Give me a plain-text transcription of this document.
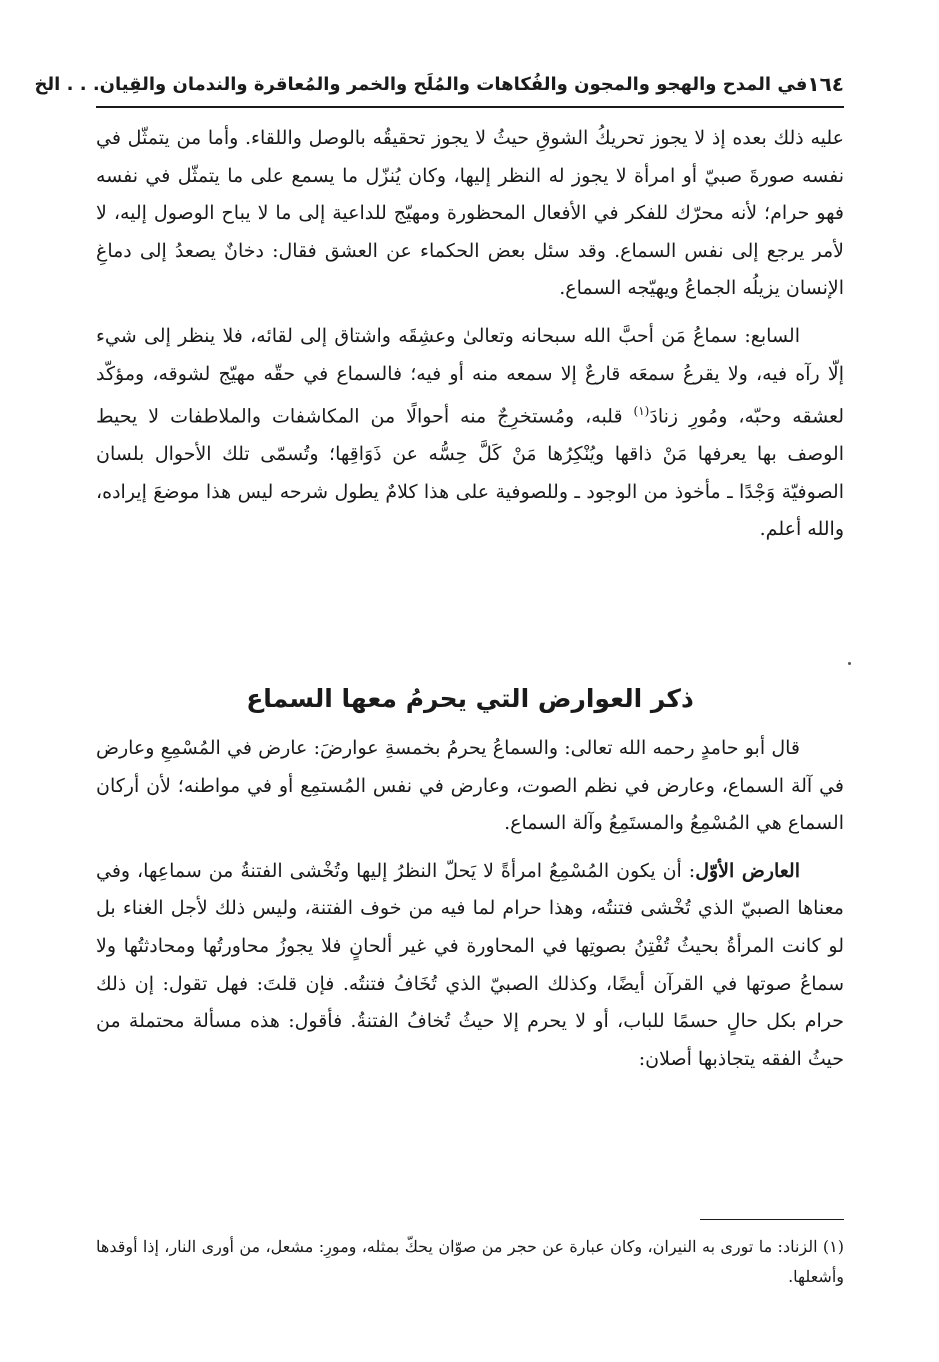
١٦٤
في المدح والهجو والمجون والفُكاهات والمُلَح والخمر والمُعاقرة والندمان والقِيان. . . الخ

عليه ذلك بعده إذ لا يجوز تحريكُ الشوقِ حيثُ لا يجوز تحقيقُه بالوصل واللقاء. وأما من يتمثّل في نفسه صورةَ صبيّ أو امرأة لا يجوز له النظر إليها، وكان يُنزّل ما يسمع على ما يتمثّل في نفسه فهو حرام؛ لأنه محرّك للفكر في الأفعال المحظورة ومهيّج للداعية إلى ما لا يباح الوصول إليه، لا لأمر يرجع إلى نفس السماع. وقد سئل بعض الحكماء عن العشق فقال: دخانٌ يصعدُ إلى دماغِ الإنسان يزيلُه الجماعُ ويهيّجه السماع.

السابع: سماعُ مَن أحبَّ الله سبحانه وتعالىٰ وعشِقَه واشتاق إلى لقائه، فلا ينظر إلى شيء إلّا رآه فيه، ولا يقرعُ سمعَه قارعٌ إلا سمعه منه أو فيه؛ فالسماع في حقّه مهيّج لشوقه، ومؤكّد لعشقه وحبّه، ومُورِ زنادَ$^{(١)}$ قلبه، ومُستخرِجٌ منه أحوالًا من المكاشفات والملاطفات لا يحيط الوصف بها يعرفها مَنْ ذاقها ويُنْكِرُها مَنْ كَلَّ حِسُّه عن ذَوَاقِها؛ وتُسمّى تلك الأحوال بلسان الصوفيّة وَجْدًا ـ مأخوذ من الوجود ـ وللصوفية على هذا كلامٌ يطول شرحه ليس هذا موضعَ إيراده، والله أعلم.

ذكر العوارض التي يحرمُ معها السماع

قال أبو حامدٍ رحمه الله تعالى: والسماعُ يحرمُ بخمسةِ عوارضَ: عارض في المُسْمِعِ وعارض في آلة السماع، وعارض في نظم الصوت، وعارض في نفس المُستمِع أو في مواطنه؛ لأن أركان السماع هي المُسْمِعُ والمستَمِعُ وآلة السماع.

العارض الأوّل: أن يكون المُسْمِعُ امرأةً لا يَحلّ النظرُ إليها وتُخْشى الفتنةُ من سماعِها، وفي معناها الصبيّ الذي تُخْشى فتنتُه، وهذا حرام لما فيه من خوف الفتنة، وليس ذلك لأجل الغناء بل لو كانت المرأةُ بحيثُ تُفْتِنُ بصوتِها في المحاورة في غير ألحانٍ فلا يجوزُ محاورتُها ومحادثتُها ولا سماعُ صوتها في القرآن أيضًا، وكذلك الصبيّ الذي تُخَافُ فتنتُه. فإن قلتَ: فهل تقول: إن ذلك حرام بكل حالٍ حسمًا للباب، أو لا يحرم إلا حيثُ تُخافُ الفتنةُ. فأقول: هذه مسألة محتملة من حيثُ الفقه يتجاذبها أصلان:

(١) الزناد: ما تورى به النيران، وكان عبارة عن حجر من صوّان يحكّ بمثله، ومورِ: مشعل، من أورى النار، إذا أوقدها وأشعلها.
